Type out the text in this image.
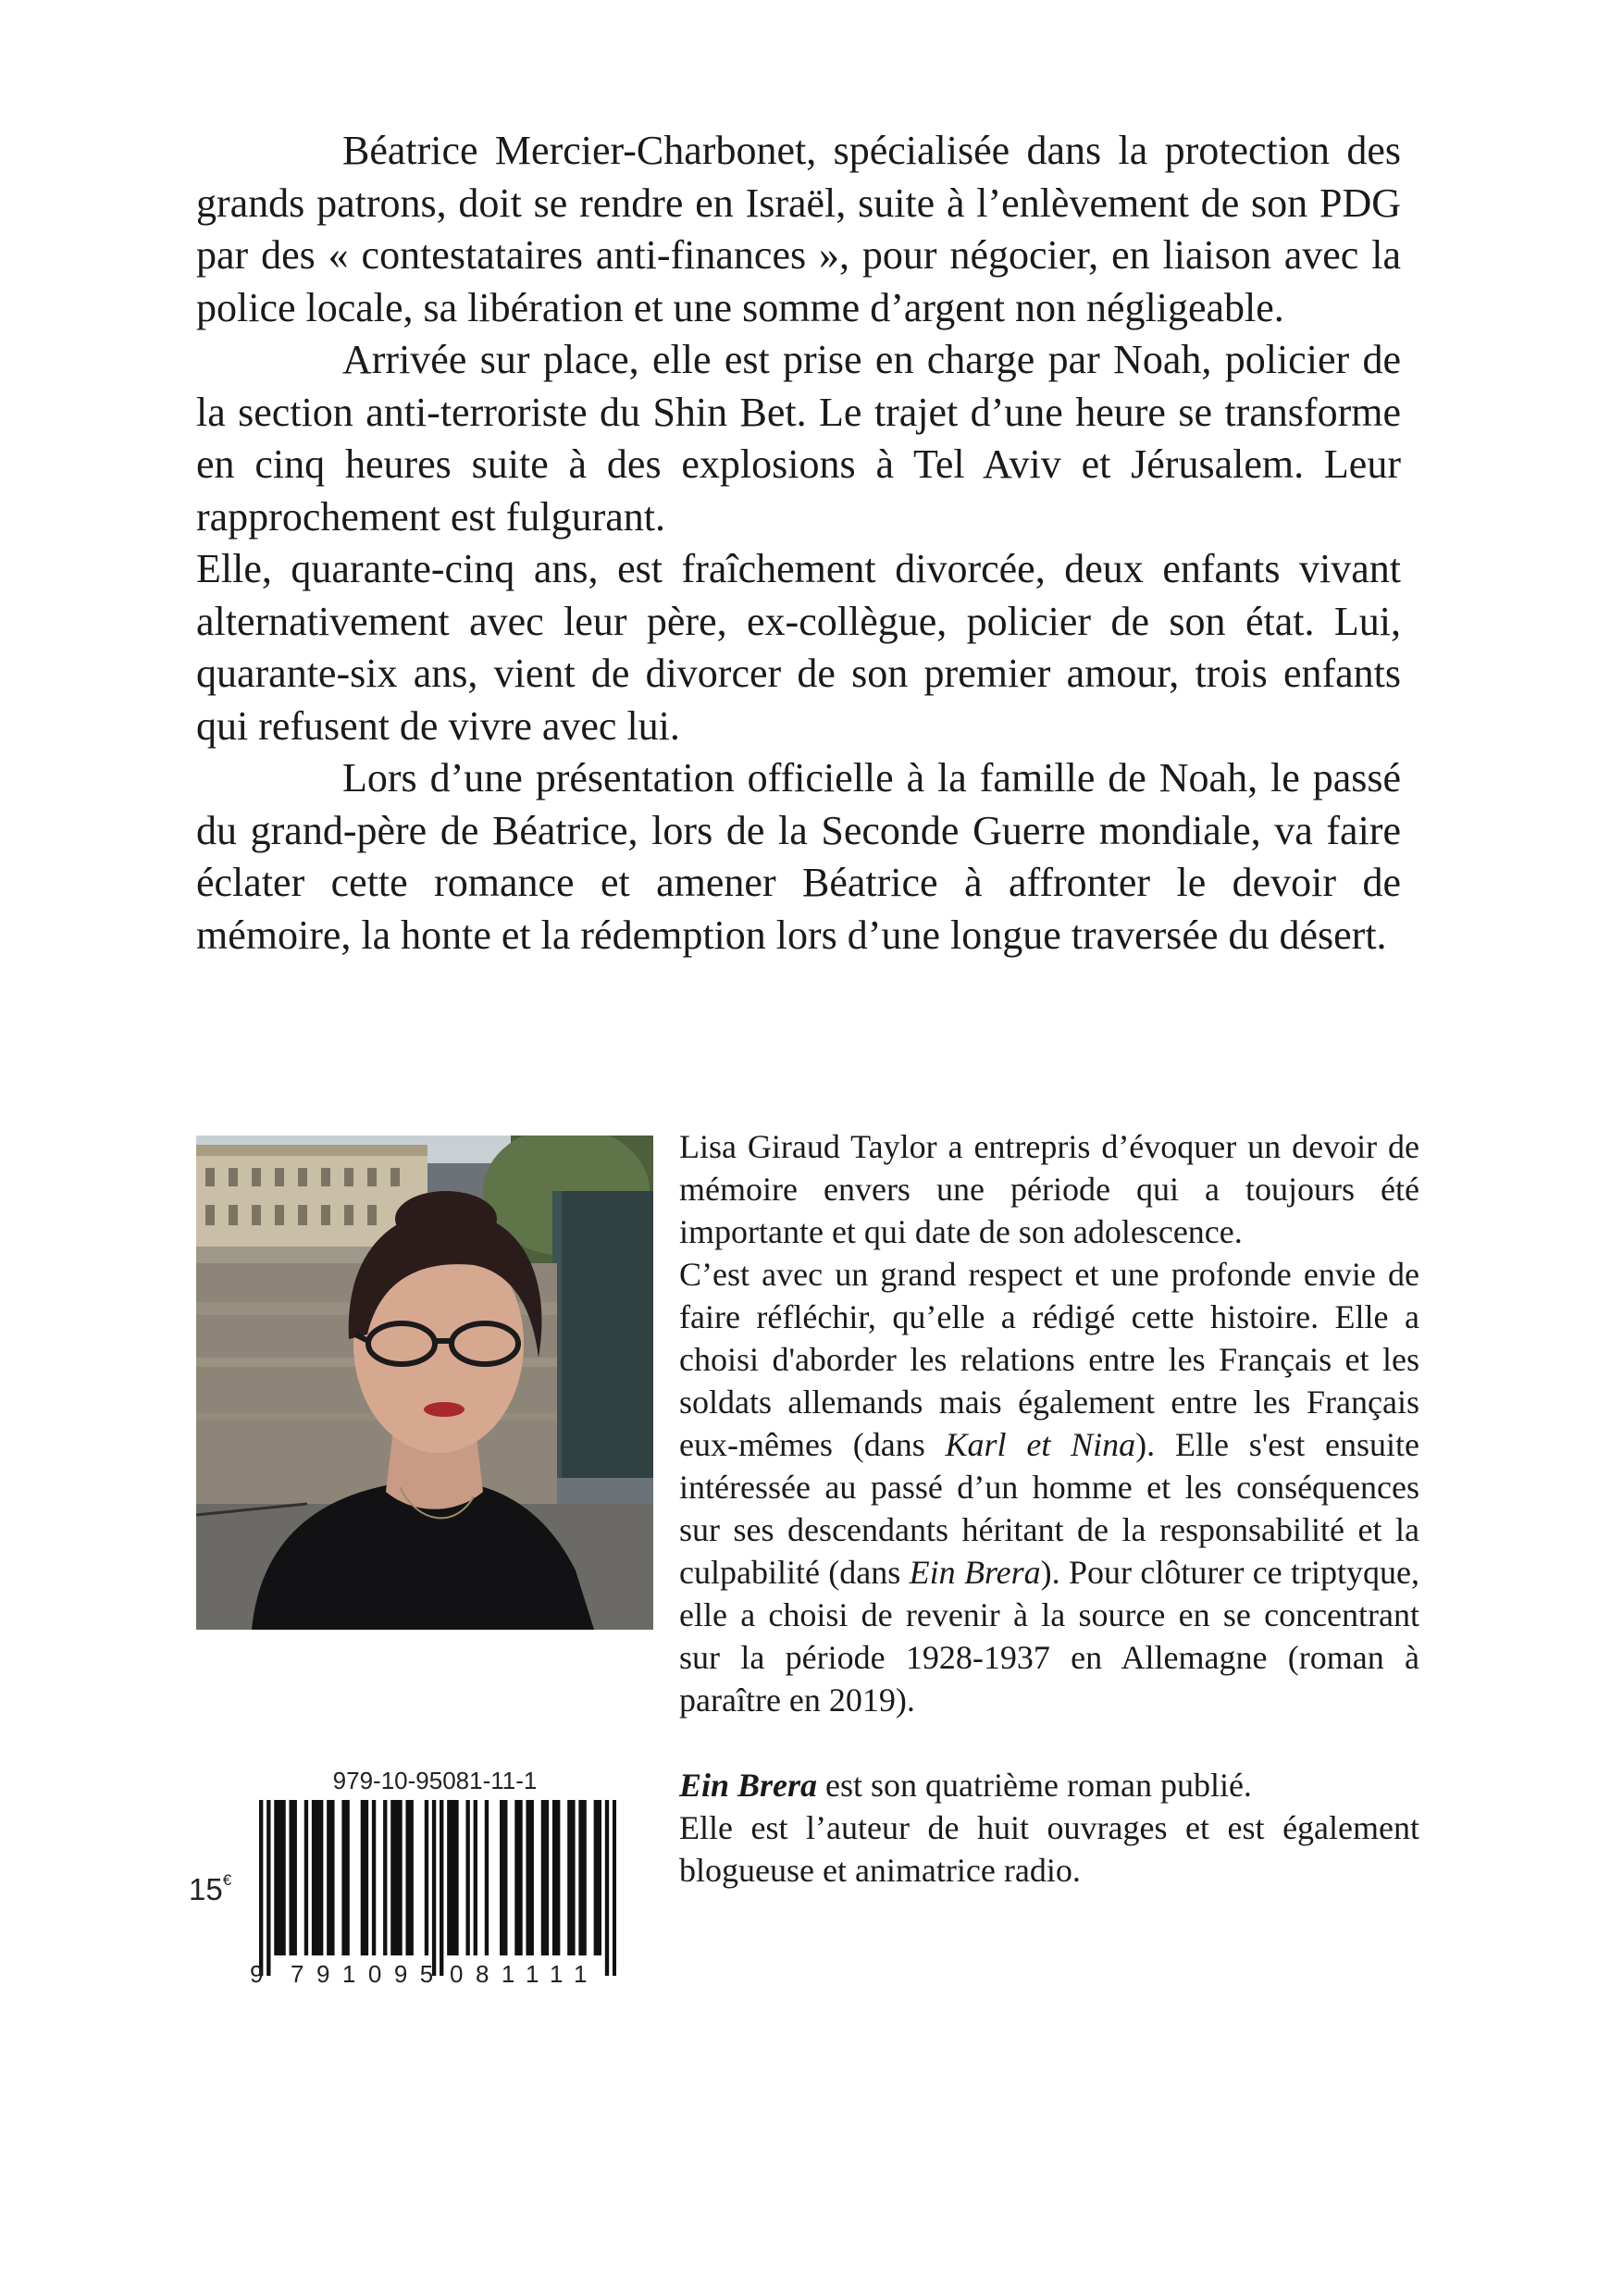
Béatrice Mercier-Charbonet, spécialisée dans la protection des grands patrons, doit se rendre en Israël, suite à l’enlèvement de son PDG par des « contestataires anti-finances », pour négocier, en liaison avec la police locale, sa libération et une somme d’argent non négligeable.

Arrivée sur place, elle est prise en charge par Noah, policier de la section anti-terroriste du Shin Bet. Le trajet d’une heure se transforme en cinq heures suite à des explosions à Tel Aviv et Jérusalem. Leur rapprochement est fulgurant.

Elle, quarante-cinq ans, est fraîchement divorcée, deux enfants vivant alternativement avec leur père, ex-collègue, policier de son état. Lui, quarante-six ans, vient de divorcer de son premier amour, trois enfants qui refusent de vivre avec lui.

Lors d’une présentation officielle à la famille de Noah, le passé du grand-père de Béatrice, lors de la Seconde Guerre mondiale, va faire éclater cette romance et amener Béatrice à affronter le devoir de mémoire, la honte et la rédemption lors d’une longue traversée du désert.

Lisa Giraud Taylor a entrepris d’évoquer un devoir de mémoire envers une période qui a toujours été importante et qui date de son adolescence.

C’est avec un grand respect et une profonde envie de faire réfléchir, qu’elle a rédigé cette histoire. Elle a choisi d'aborder les relations entre les Français et les soldats allemands mais également entre les Français eux-mêmes (dans Karl et Nina). Elle s'est ensuite intéressée au passé d’un homme et les conséquences sur ses descendants héritant de la responsabilité et la culpabilité (dans Ein Brera). Pour clôturer ce triptyque, elle a choisi de revenir à la source en se concentrant sur la période 1928-1937 en Allemagne (roman à paraître en 2019).

Ein Brera est son quatrième roman publié.

Elle est l’auteur de huit ouvrages et est également blogueuse et animatrice radio.

979-10-95081-11-1
15€
9 791095 081111
